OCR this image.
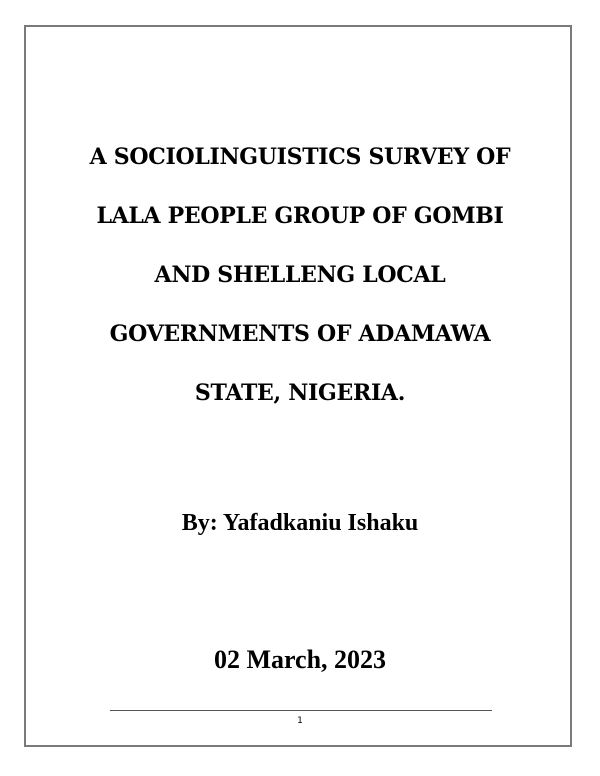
A SOCIOLINGUISTICS SURVEY OF
LALA PEOPLE GROUP OF GOMBI
AND SHELLENG LOCAL
GOVERNMENTS OF ADAMAWA
STATE, NIGERIA.
By: Yafadkaniu Ishaku
02 March, 2023
1
